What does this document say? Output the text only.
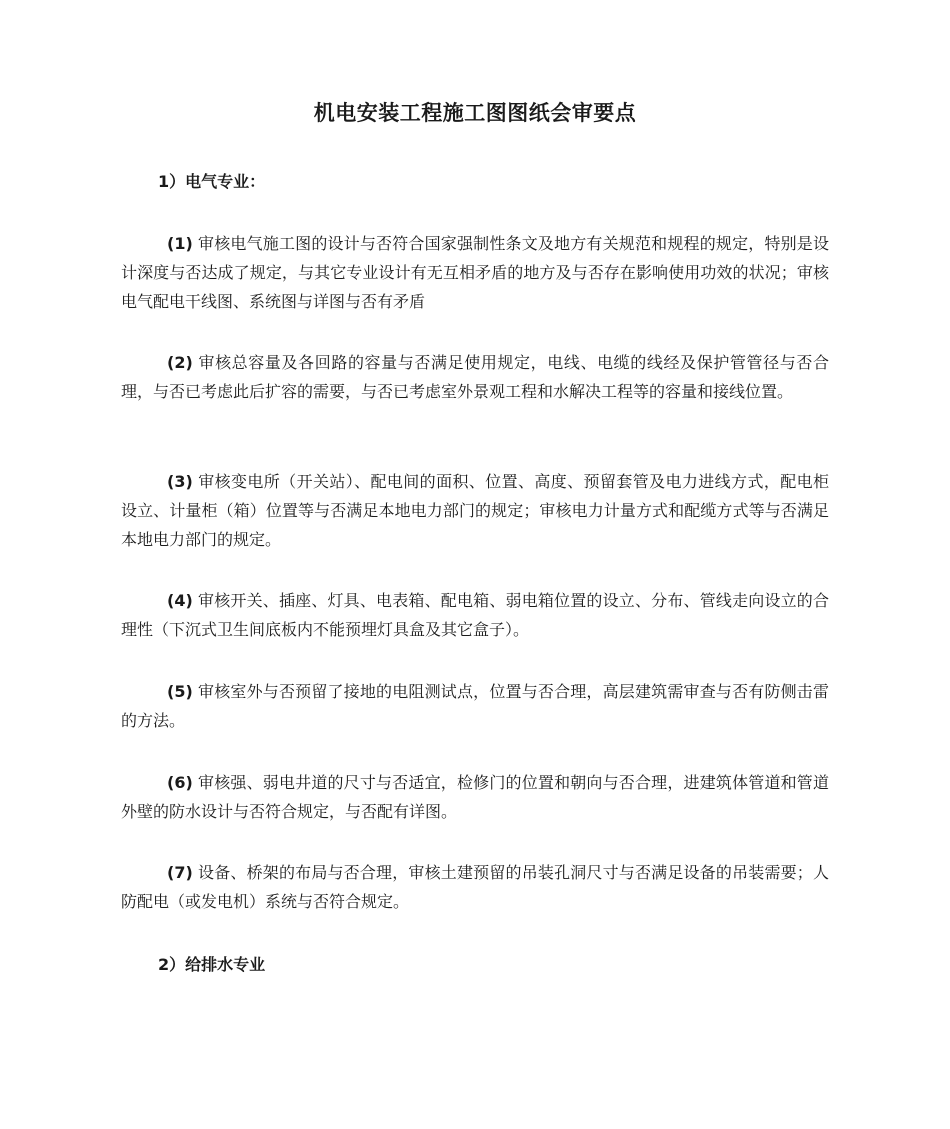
机电安装工程施工图图纸会审要点
1）电气专业：

(1) 审核电气施工图的设计与否符合国家强制性条文及地方有关规范和规程的规定，特别是设计深度与否达成了规定，与其它专业设计有无互相矛盾的地方及与否存在影响使用功效的状况；审核电气配电干线图、系统图与详图与否有矛盾

(2) 审核总容量及各回路的容量与否满足使用规定，电线、电缆的线经及保护管管径与否合理，与否已考虑此后扩容的需要，与否已考虑室外景观工程和水解决工程等的容量和接线位置。

(3) 审核变电所（开关站）、配电间的面积、位置、高度、预留套管及电力进线方式，配电柜设立、计量柜（箱）位置等与否满足本地电力部门的规定；审核电力计量方式和配缆方式等与否满足本地电力部门的规定。

(4) 审核开关、插座、灯具、电表箱、配电箱、弱电箱位置的设立、分布、管线走向设立的合理性（下沉式卫生间底板内不能预埋灯具盒及其它盒子）。

(5) 审核室外与否预留了接地的电阻测试点，位置与否合理，高层建筑需审查与否有防侧击雷的方法。

(6) 审核强、弱电井道的尺寸与否适宜，检修门的位置和朝向与否合理，进建筑体管道和管道外壁的防水设计与否符合规定，与否配有详图。

(7) 设备、桥架的布局与否合理，审核土建预留的吊装孔洞尺寸与否满足设备的吊装需要；人防配电（或发电机）系统与否符合规定。

2）给排水专业
